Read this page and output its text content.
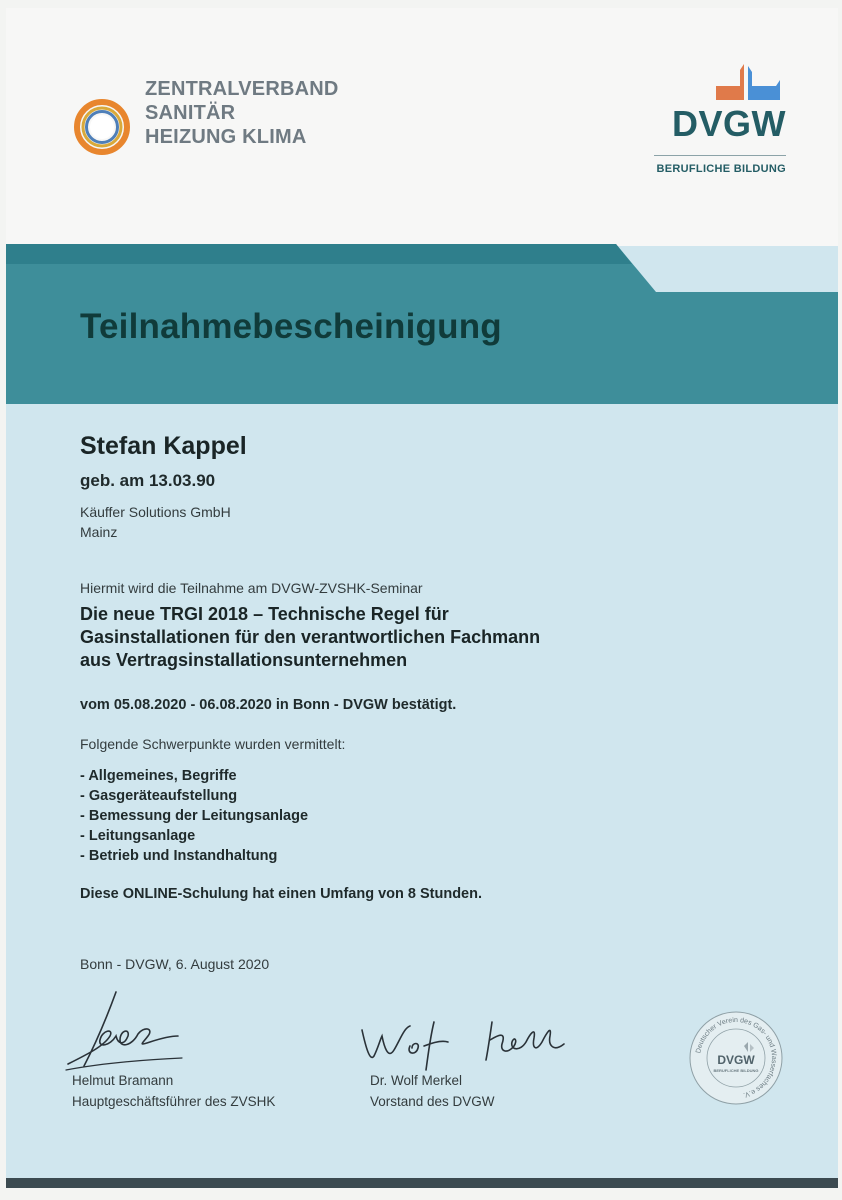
ZENTRALVERBAND
SANITÄR
HEIZUNG KLIMA	DVGW
BERUFLICHE BILDUNG
Teilnahmebescheinigung
Stefan Kappel
geb. am 13.03.90
Käuffer Solutions GmbH
Mainz
Hiermit wird die Teilnahme am DVGW-ZVSHK-Seminar
Die neue TRGI 2018 – Technische Regel für
Gasinstallationen für den verantwortlichen Fachmann
aus Vertragsinstallationsunternehmen
vom 05.08.2020 - 06.08.2020 in Bonn - DVGW bestätigt.
Folgende Schwerpunkte wurden vermittelt:
- Allgemeines, Begriffe
- Gasgeräteaufstellung
- Bemessung der Leitungsanlage
- Leitungsanlage
- Betrieb und Instandhaltung
Diese ONLINE-Schulung hat einen Umfang von 8 Stunden.
Bonn - DVGW, 6. August 2020
Helmut Bramann
Hauptgeschäftsführer des ZVSHK
Dr. Wolf Merkel
Vorstand des DVGW
Deutscher Verein des Gas- und Wasserfaches e.V.
DVGW
BERUFLICHE BILDUNG
